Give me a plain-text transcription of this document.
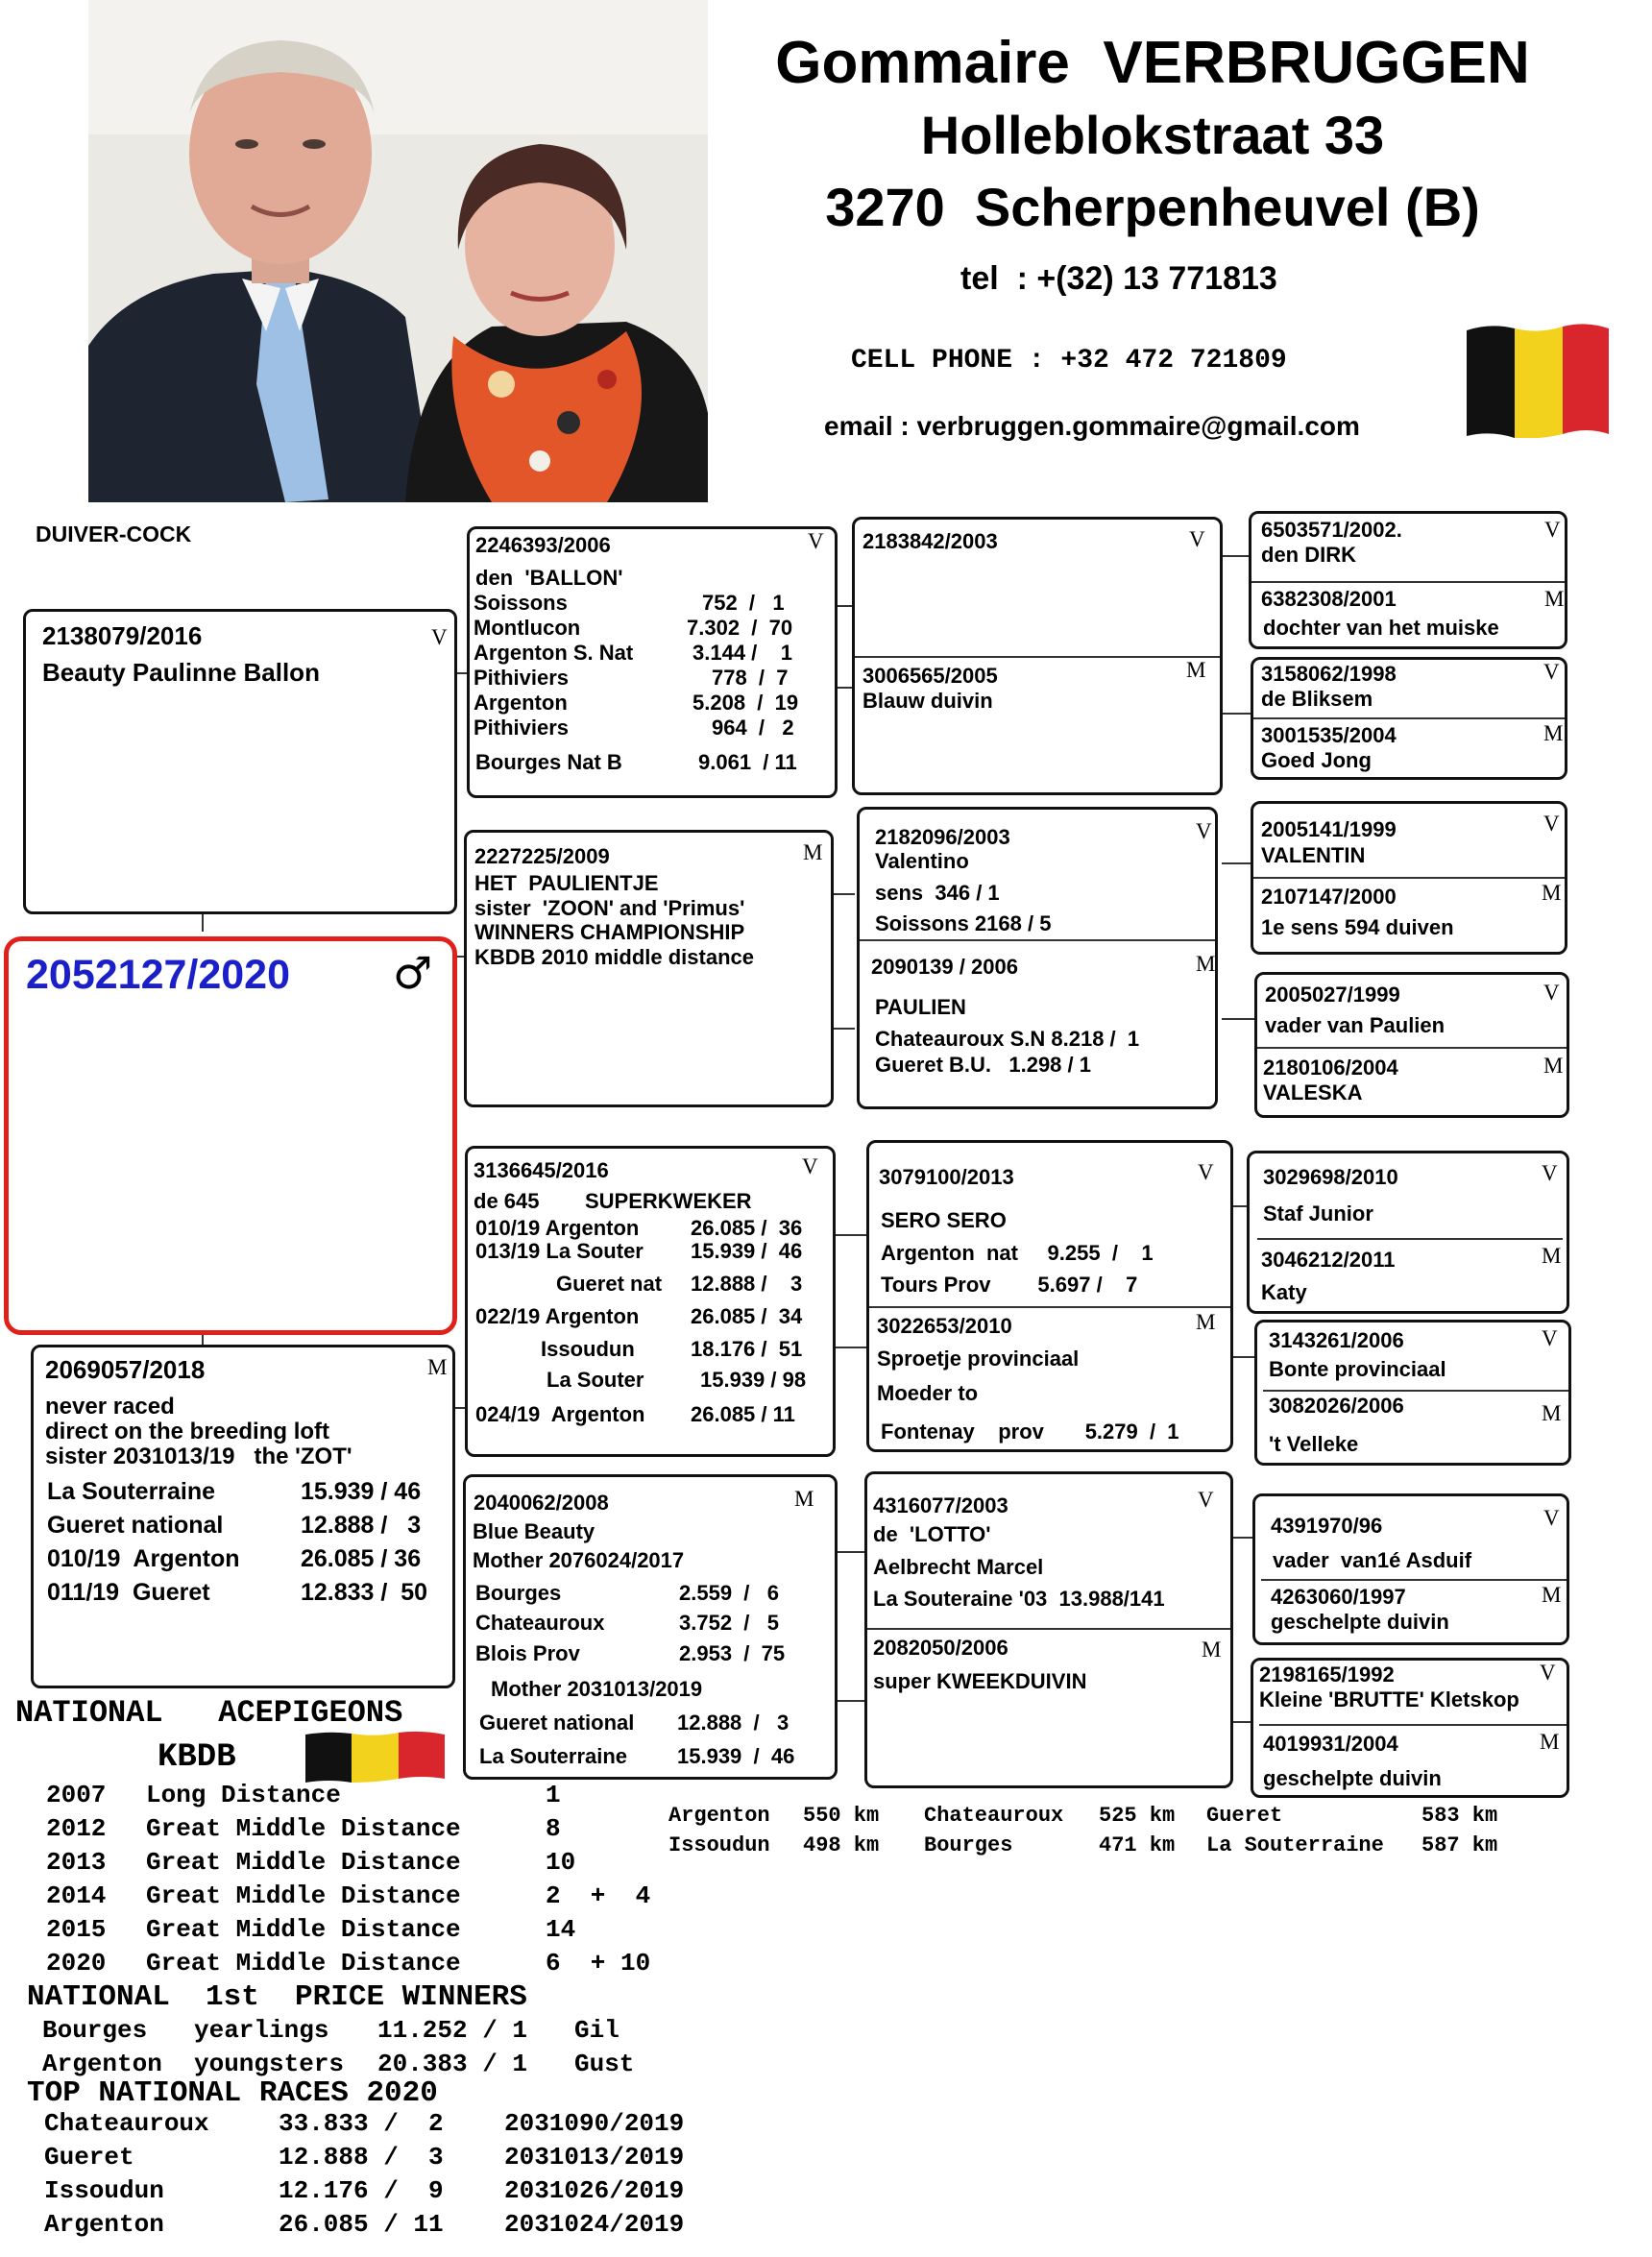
Gommaire  VERBRUGGEN
Holleblokstraat 33
3270  Scherpenheuvel (B)
tel  : +(32) 13 771813
CELL PHONE : +32 472 721809
email : verbruggen.gommaire@gmail.com
DUIVER-COCK
2052127/2020 ♂
2138079/2016
Beauty Paulinne Ballon
V
2069057/2018	M
never raced
direct on the breeding loft
sister 2031013/19   the 'ZOT'
La Souterraine	15.939 / 46
Gueret national	12.888 /   3
010/19  Argenton	26.085 / 36
011/19  Gueret	12.833 /  50
2246393/2006	V
den  'BALLON'
Soissons	752  /   1
Montlucon	7.302  /  70
Argenton S. Nat	3.144 /    1
Pithiviers	778  /  7
Argenton	5.208  /  19
Pithiviers	964  /   2
Bourges Nat B	9.061  / 11
2227225/2009	M
HET  PAULIENTJE
sister  'ZOON' and 'Primus'
WINNERS CHAMPIONSHIP
KBDB 2010 middle distance
3136645/2016	V
de 645 SUPERKWEKER
010/19 Argenton 26.085 /  36
013/19 La Souter 15.939 /  46
Gueret nat 12.888 /    3
022/19 Argenton 26.085 /  34
Issoudun	18.176 /  51
La Souter	15.939 / 98
024/19  Argenton 26.085 / 11
2040062/2008	M
Blue Beauty
Mother 2076024/2017
Bourges	2.559  /   6
Chateauroux	3.752  /   5
Blois Prov	2.953  /  75
Mother 2031013/2019
Gueret national 12.888  /   3
La Souterraine 15.939  /  46
2183842/2003	V
3006565/2005	M
Blauw duivin
2182096/2003	V
Valentino
sens  346 / 1
Soissons 2168 / 5
2090139 / 2006	M
PAULIEN
Chateauroux S.N 8.218 /  1
Gueret B.U.   1.298 / 1
3079100/2013	V
SERO SERO
Argenton  nat     9.255  /    1
Tours Prov        5.697 /    7
3022653/2010	M
Sproetje provinciaal
Moeder to
Fontenay    prov       5.279  /  1
4316077/2003	V
de  'LOTTO'
Aelbrecht Marcel
La Souteraine '03  13.988/141
2082050/2006	M
super KWEEKDUIVIN
6503571/2002.	V
den DIRK
6382308/2001	M
dochter van het muiske
3158062/1998	V
de Bliksem
3001535/2004	M
Goed Jong
2005141/1999	V
VALENTIN
2107147/2000	M
1e sens 594 duiven
2005027/1999	V
vader van Paulien
2180106/2004	M
VALESKA
3029698/2010	V
Staf Junior
3046212/2011	M
Katy
3143261/2006	V
Bonte provinciaal
3082026/2006	M
't Velleke
4391970/96	V
vader  van1é Asduif
4263060/1997	M
geschelpte duivin
2198165/1992	V
Kleine 'BRUTTE' Kletskop
4019931/2004	M
geschelpte duivin
Argenton 550 km Chateauroux 525 km Gueret	583 km
Issoudun 498 km Bourges	471 km La Souterraine 587 km
NATIONAL   ACEPIGEONS
KBDB
2007 Long Distance	1
2012 Great Middle Distance	8
2013 Great Middle Distance	10
2014 Great Middle Distance	2  +  4
2015 Great Middle Distance	14
2020 Great Middle Distance	6  + 10
NATIONAL  1st  PRICE WINNERS
Bourges yearlings 11.252 / 1 Gil
Argenton youngsters 20.383 / 1 Gust
TOP NATIONAL RACES 2020
Chateauroux	33.833 /  2 2031090/2019
Gueret	12.888 /  3 2031013/2019
Issoudun	12.176 /  9 2031026/2019
Argenton	26.085 / 11 2031024/2019
